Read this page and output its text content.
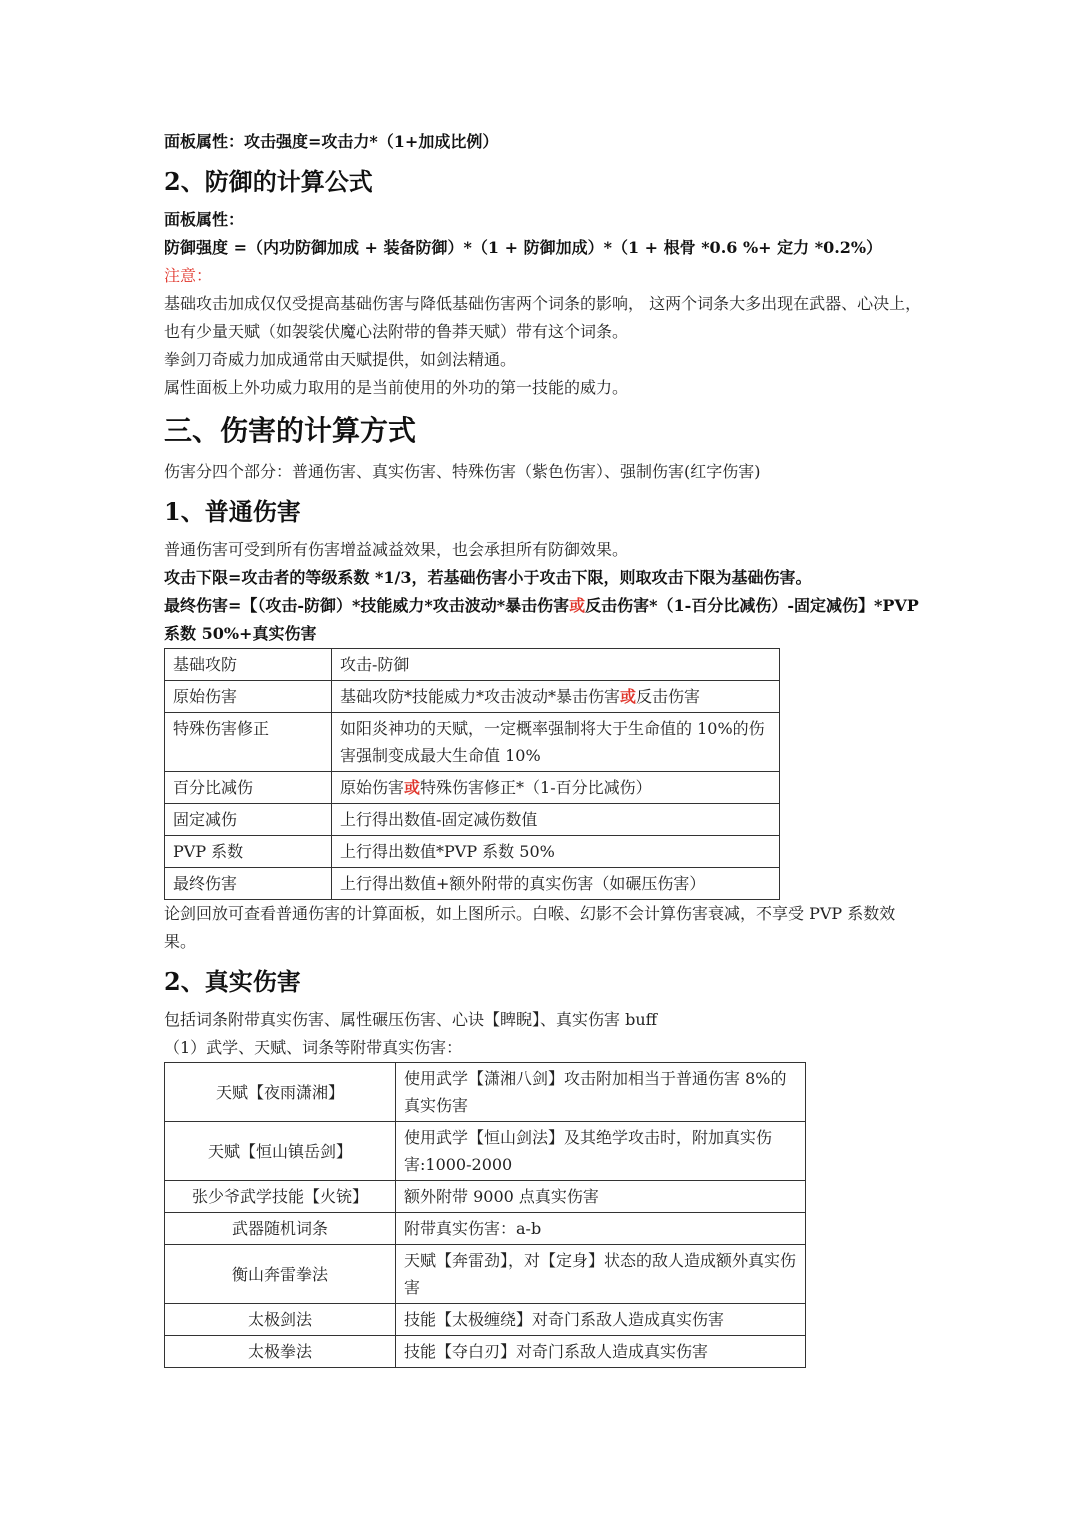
面板属性：攻击强度=攻击力*（1+加成比例）

2、防御的计算公式

面板属性：

防御强度 =（内功防御加成 + 装备防御）*（1 + 防御加成）*（1 + 根骨 *0.6 %+ 定力 *0.2%）

注意：

基础攻击加成仅仅受提高基础伤害与降低基础伤害两个词条的影响， 这两个词条大多出现在武器、心决上，也有少量天赋（如袈裟伏魔心法附带的鲁莽天赋）带有这个词条。

拳剑刀奇威力加成通常由天赋提供，如剑法精通。

属性面板上外功威力取用的是当前使用的外功的第一技能的威力。

三、伤害的计算方式

伤害分四个部分：普通伤害、真实伤害、特殊伤害（紫色伤害）、强制伤害(红字伤害)

1、普通伤害

普通伤害可受到所有伤害增益减益效果，也会承担所有防御效果。

攻击下限=攻击者的等级系数 *1/3，若基础伤害小于攻击下限，则取攻击下限为基础伤害。

最终伤害=【（攻击-防御）*技能威力*攻击波动*暴击伤害或反击伤害*（1-百分比减伤）-固定减伤】*PVP 系数 50%+真实伤害

基础攻防	攻击-防御
原始伤害	基础攻防*技能威力*攻击波动*暴击伤害或反击伤害
特殊伤害修正	如阳炎神功的天赋，一定概率强制将大于生命值的 10%的伤害强制变成最大生命值 10%
百分比减伤	原始伤害或特殊伤害修正*（1-百分比减伤）
固定减伤	上行得出数值-固定减伤数值
PVP 系数	上行得出数值*PVP 系数 50%
最终伤害	上行得出数值+额外附带的真实伤害（如碾压伤害）

论剑回放可查看普通伤害的计算面板，如上图所示。白喉、幻影不会计算伤害衰减，不享受 PVP 系数效果。

2、真实伤害

包括词条附带真实伤害、属性碾压伤害、心诀【睥睨】、真实伤害 buff

（1）武学、天赋、词条等附带真实伤害：

天赋【夜雨潇湘】	使用武学【潇湘八剑】攻击附加相当于普通伤害 8%的真实伤害
天赋【恒山镇岳剑】	使用武学【恒山剑法】及其绝学攻击时，附加真实伤害:1000-2000
张少爷武学技能【火铳】	额外附带 9000 点真实伤害
武器随机词条	附带真实伤害：a-b
衡山奔雷拳法	天赋【奔雷劲】，对【定身】状态的敌人造成额外真实伤害
太极剑法	技能【太极缠绕】对奇门系敌人造成真实伤害
太极拳法	技能【夺白刃】对奇门系敌人造成真实伤害
